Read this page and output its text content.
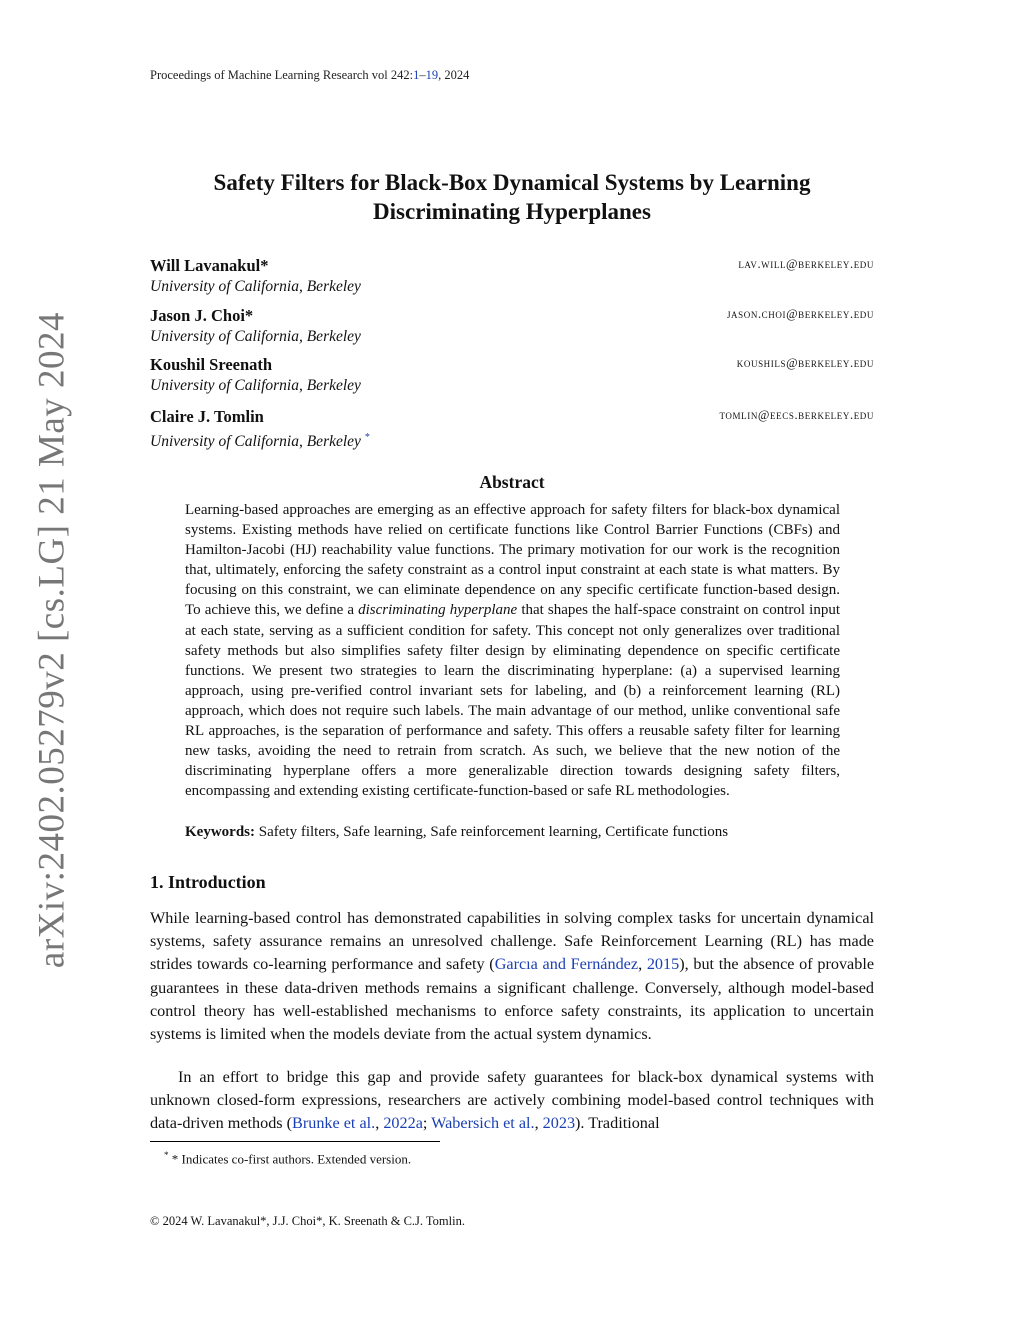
Proceedings of Machine Learning Research vol 242:1–19, 2024
arXiv:2402.05279v2 [cs.LG] 21 May 2024
Safety Filters for Black-Box Dynamical Systems by Learning
Discriminating Hyperplanes
Will Lavanakul*
University of California, Berkeley
lav.will@berkeley.edu
Jason J. Choi*
University of California, Berkeley
jason.choi@berkeley.edu
Koushil Sreenath
University of California, Berkeley
koushils@berkeley.edu
Claire J. Tomlin
University of California, Berkeley *
tomlin@eecs.berkeley.edu
Abstract
Learning-based approaches are emerging as an effective approach for safety filters for black-box dynamical systems. Existing methods have relied on certificate functions like Control Barrier Functions (CBFs) and Hamilton-Jacobi (HJ) reachability value functions. The primary motivation for our work is the recognition that, ultimately, enforcing the safety constraint as a control input constraint at each state is what matters. By focusing on this constraint, we can eliminate dependence on any specific certificate function-based design. To achieve this, we define a discriminating hyperplane that shapes the half-space constraint on control input at each state, serving as a sufficient condition for safety. This concept not only generalizes over traditional safety methods but also simplifies safety filter design by eliminating dependence on specific certificate functions. We present two strategies to learn the discriminating hyperplane: (a) a supervised learning approach, using pre-verified control invariant sets for labeling, and (b) a reinforcement learning (RL) approach, which does not require such labels. The main advantage of our method, unlike conventional safe RL approaches, is the separation of performance and safety. This offers a reusable safety filter for learning new tasks, avoiding the need to retrain from scratch. As such, we believe that the new notion of the discriminating hyperplane offers a more generalizable direction towards designing safety filters, encompassing and extending existing certificate-function-based or safe RL methodologies.
Keywords: Safety filters, Safe learning, Safe reinforcement learning, Certificate functions
1. Introduction
While learning-based control has demonstrated capabilities in solving complex tasks for uncertain dynamical systems, safety assurance remains an unresolved challenge. Safe Reinforcement Learning (RL) has made strides towards co-learning performance and safety (Garcıa and Fernández, 2015), but the absence of provable guarantees in these data-driven methods remains a significant challenge. Conversely, although model-based control theory has well-established mechanisms to enforce safety constraints, its application to uncertain systems is limited when the models deviate from the actual system dynamics.
In an effort to bridge this gap and provide safety guarantees for black-box dynamical systems with unknown closed-form expressions, researchers are actively combining model-based control techniques with data-driven methods (Brunke et al., 2022a; Wabersich et al., 2023). Traditional
* * Indicates co-first authors. Extended version.
© 2024 W. Lavanakul*, J.J. Choi*, K. Sreenath & C.J. Tomlin.
